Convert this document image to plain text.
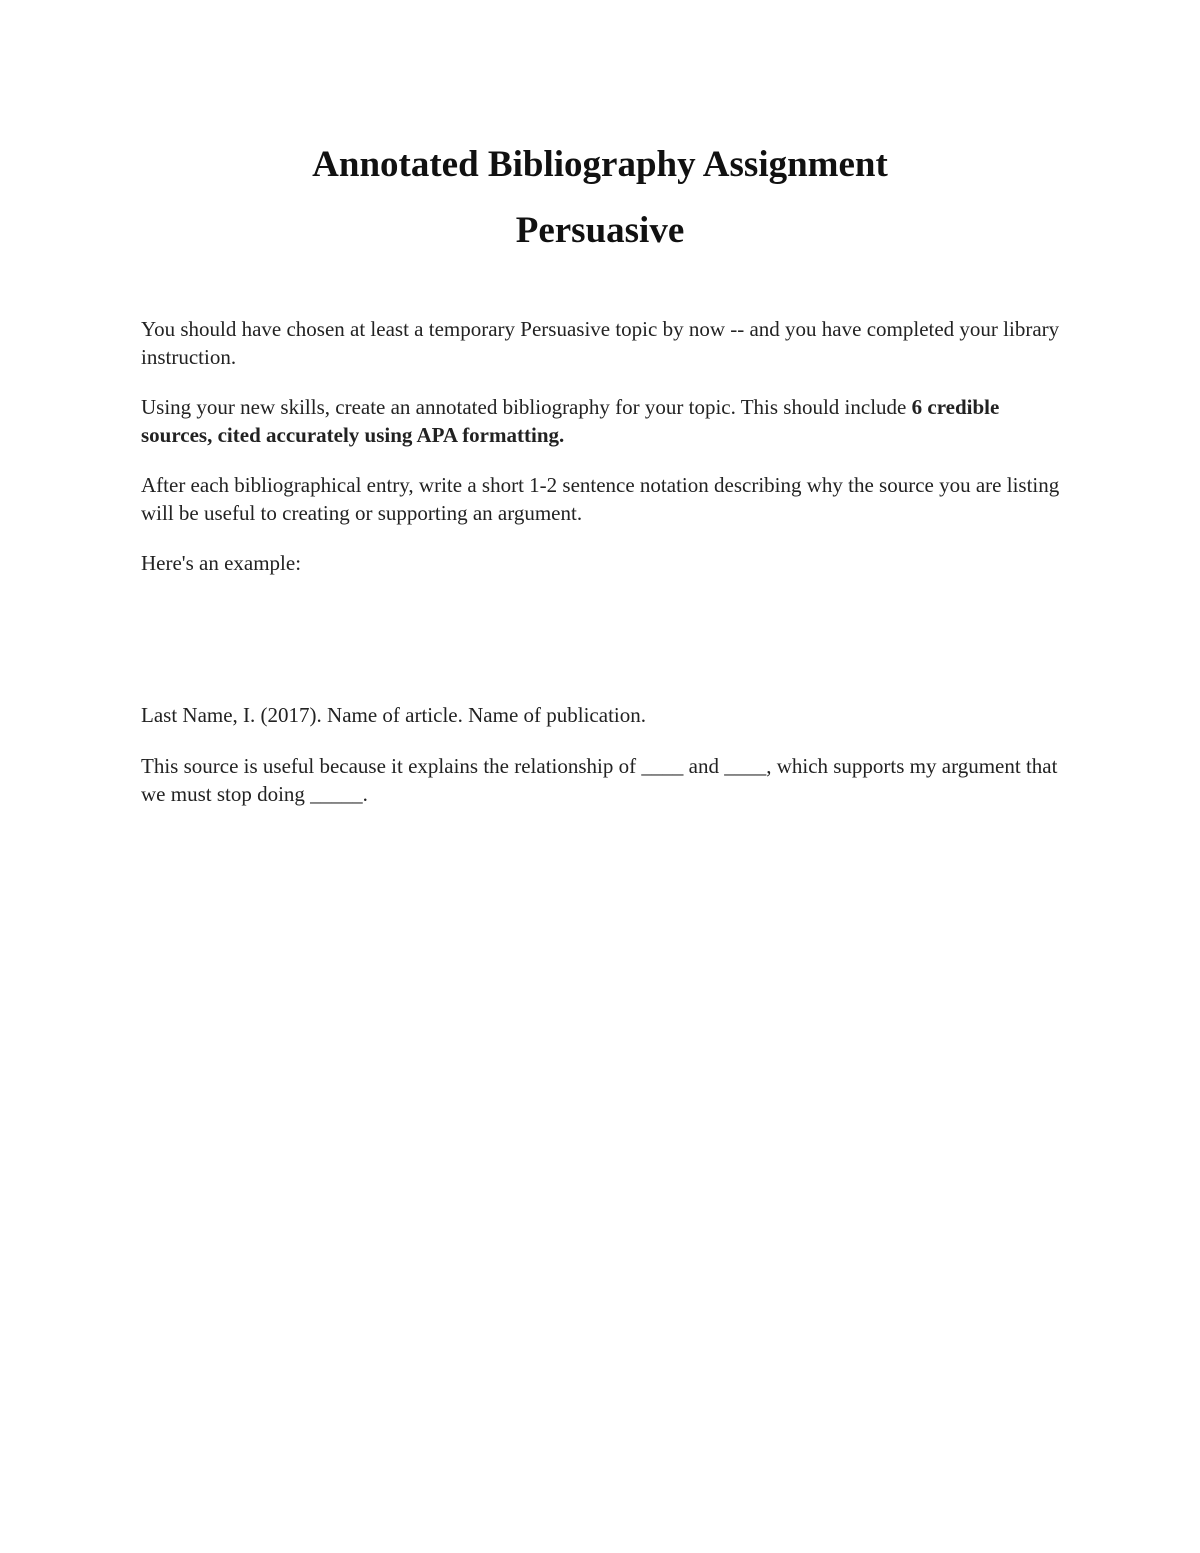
Annotated Bibliography Assignment
Persuasive

You should have chosen at least a temporary Persuasive topic by now -- and you have completed your library instruction.

Using your new skills, create an annotated bibliography for your topic. This should include 6 credible sources, cited accurately using APA formatting.

After each bibliographical entry, write a short 1-2 sentence notation describing why the source you are listing will be useful to creating or supporting an argument.

Here's an example:

Last Name, I. (2017). Name of article. Name of publication.

This source is useful because it explains the relationship of ____ and ____, which supports my argument that we must stop doing _____.
